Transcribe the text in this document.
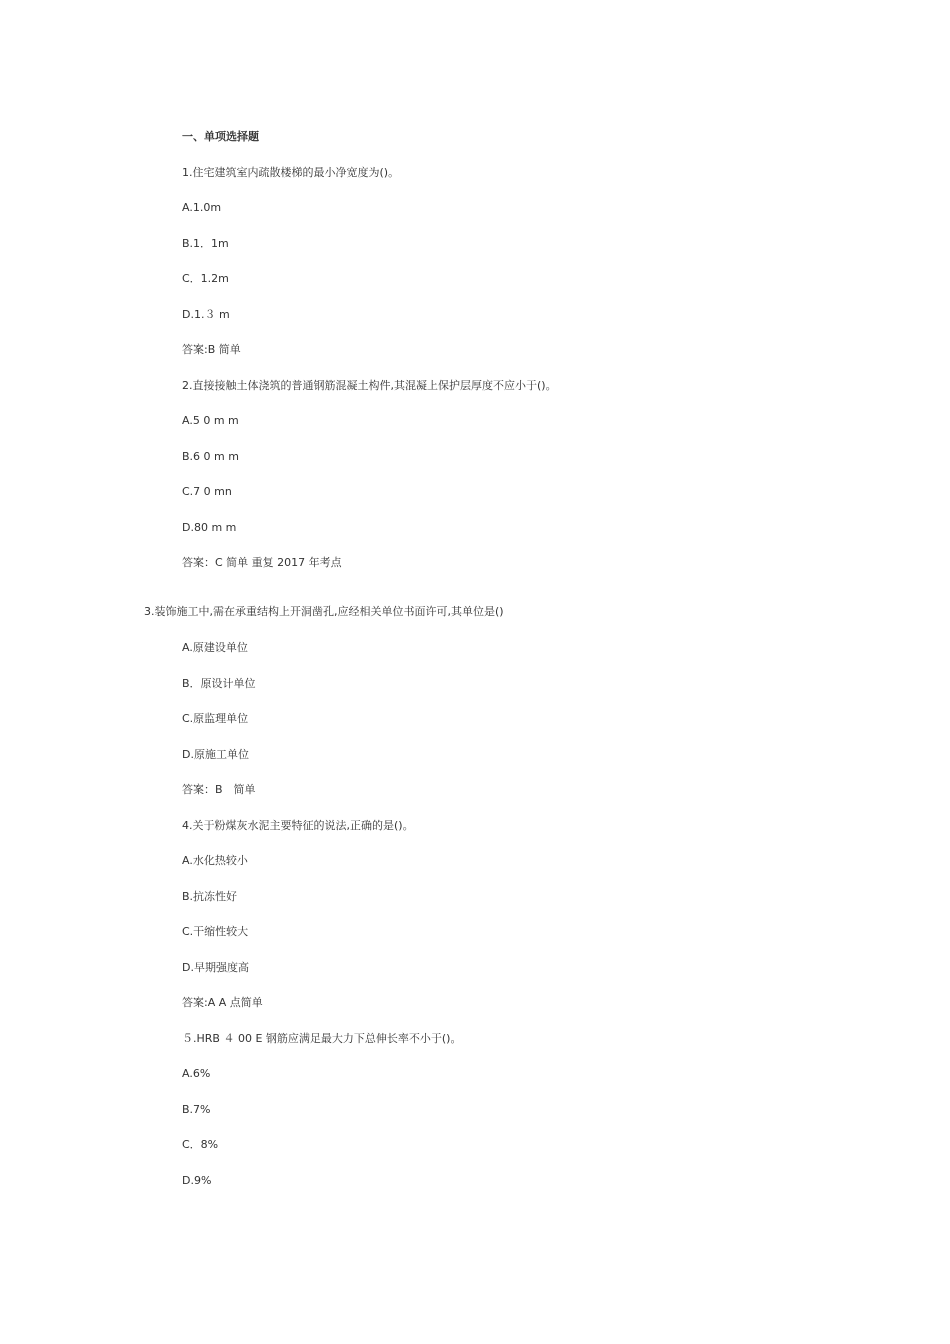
一、单项选择题
1.住宅建筑室内疏散楼梯的最小净宽度为()。
A.1.0m
B.1．1m
C．1.2m
D.1.３ m
答案:B 简单
2.直接接触土体浇筑的普通钢筋混凝土构件,其混凝上保护层厚度不应小于()。
A.5 0 m m
B.6 0 m m
C.7 0 mn
D.80 m m
答案：C 简单 重复 2017 年考点
3.装饰施工中,需在承重结构上开洞凿孔,应经相关单位书面许可,其单位是()
A.原建设单位
B．原设计单位
C.原监理单位
D.原施工单位
答案：B　简单
4.关于粉煤灰水泥主要特征的说法,正确的是()。
A.水化热较小
B.抗冻性好
C.干缩性较大
D.早期强度高
答案:A A 点简单
５.HRB ４ 00 E 钢筋应满足最大力下总伸长率不小于()。
A.6%
B.7%
C．8%
D.9%
